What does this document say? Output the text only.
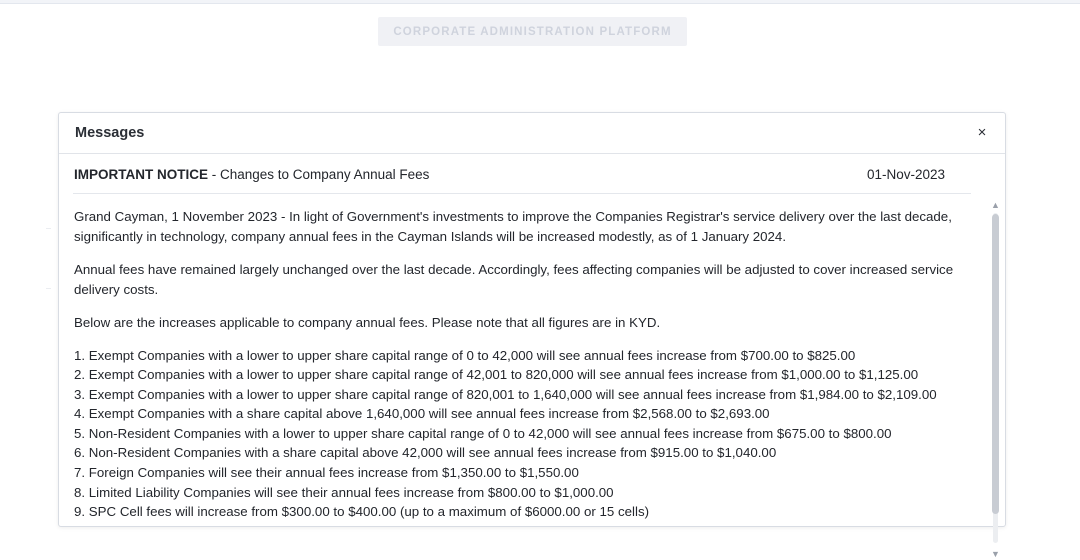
CORPORATE ADMINISTRATION PLATFORM
Messages	×
IMPORTANT NOTICE - Changes to Company Annual Fees	01-Nov-2023

Grand Cayman, 1 November 2023 - In light of Government's investments to improve the Companies Registrar's service delivery over the last decade, significantly in technology, company annual fees in the Cayman Islands will be increased modestly, as of 1 January 2024.

Annual fees have remained largely unchanged over the last decade. Accordingly, fees affecting companies will be adjusted to cover increased service delivery costs.

Below are the increases applicable to company annual fees. Please note that all figures are in KYD.

1. Exempt Companies with a lower to upper share capital range of 0 to 42,000 will see annual fees increase from $700.00 to $825.00
2. Exempt Companies with a lower to upper share capital range of 42,001 to 820,000 will see annual fees increase from $1,000.00 to $1,125.00
3. Exempt Companies with a lower to upper share capital range of 820,001 to 1,640,000 will see annual fees increase from $1,984.00 to $2,109.00
4. Exempt Companies with a share capital above 1,640,000 will see annual fees increase from $2,568.00 to $2,693.00
5. Non-Resident Companies with a lower to upper share capital range of 0 to 42,000 will see annual fees increase from $675.00 to $800.00
6. Non-Resident Companies with a share capital above 42,000 will see annual fees increase from $915.00 to $1,040.00
7. Foreign Companies will see their annual fees increase from $1,350.00 to $1,550.00
8. Limited Liability Companies will see their annual fees increase from $800.00 to $1,000.00
9. SPC Cell fees will increase from $300.00 to $400.00 (up to a maximum of $6000.00 or 15 cells)
▲
▼
